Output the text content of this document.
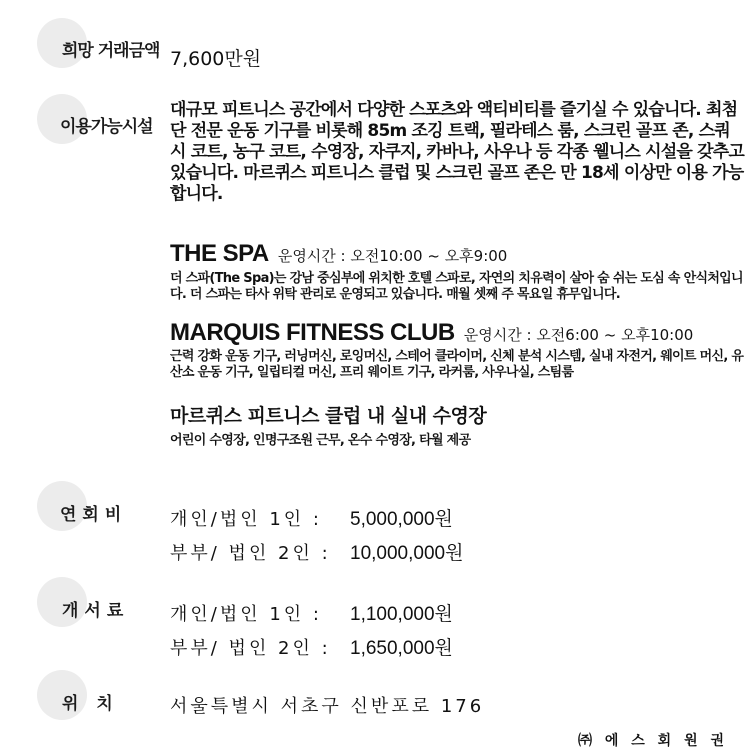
희망 거래금액 7,600만원
이용가능시설
대규모 피트니스 공간에서 다양한 스포츠와 액티비티를 즐기실 수 있습니다. 최첨단 전문 운동 기구를 비롯해 85m 조깅 트랙, 필라테스 룸, 스크린 골프 존, 스쿼시 코트, 농구 코트, 수영장, 자쿠지, 카바나, 사우나 등 각종 웰니스 시설을 갖추고 있습니다. 마르퀴스 피트니스 클럽 및 스크린 골프 존은 만 18세 이상만 이용 가능합니다.
THE SPA 운영시간 : 오전10:00 ~ 오후9:00
더 스파(The Spa)는 강남 중심부에 위치한 호텔 스파로, 자연의 치유력이 살아 숨 쉬는 도심 속 안식처입니다. 더 스파는 타사 위탁 관리로 운영되고 있습니다. 매월 셋째 주 목요일 휴무입니다.
MARQUIS FITNESS CLUB 운영시간 : 오전6:00 ~ 오후10:00
근력 강화 운동 기구, 러닝머신, 로잉머신, 스테어 클라이머, 신체 분석 시스템, 실내 자전거, 웨이트 머신, 유산소 운동 기구, 일립티컬 머신, 프리 웨이트 기구, 라커룸, 사우나실, 스팀룸
마르퀴스 피트니스 클럽 내 실내 수영장
어린이 수영장, 인명구조원 근무, 온수 수영장, 타월 제공
연회비 개인/법인 1인 : 5,000,000원
부부/ 법인 2인 : 10,000,000원
개서료 개인/법인 1인 : 1,100,000원
부부/ 법인 2인 : 1,650,000원
위 치	서울특별시 서초구 신반포로 176
㈜ 에 스 회 원 권
